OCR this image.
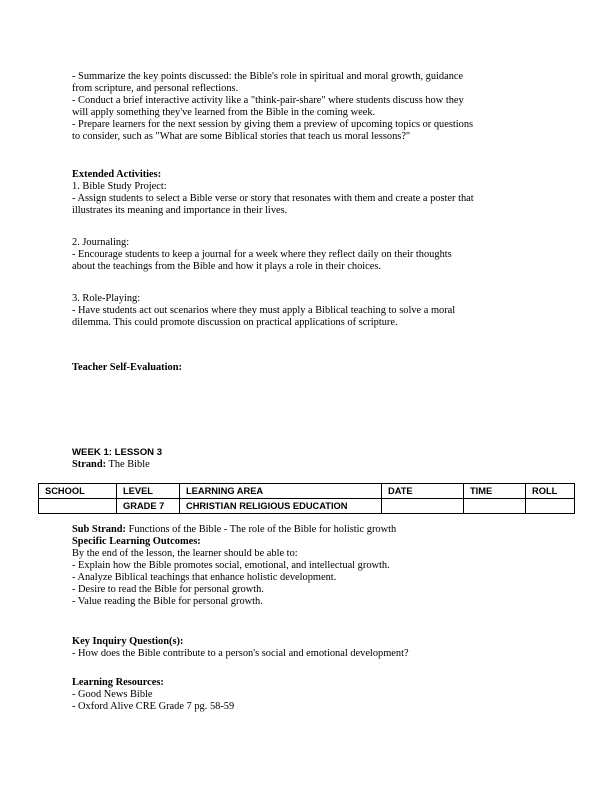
- Summarize the key points discussed: the Bible's role in spiritual and moral growth, guidance

from scripture, and personal reflections.

- Conduct a brief interactive activity like a "think-pair-share" where students discuss how they

will apply something they've learned from the Bible in the coming week.

- Prepare learners for the next session by giving them a preview of upcoming topics or questions

to consider, such as "What are some Biblical stories that teach us moral lessons?"

Extended Activities:

1. Bible Study Project:

- Assign students to select a Bible verse or story that resonates with them and create a poster that

illustrates its meaning and importance in their lives.

2. Journaling:

- Encourage students to keep a journal for a week where they reflect daily on their thoughts

about the teachings from the Bible and how it plays a role in their choices.

3. Role-Playing:

- Have students act out scenarios where they must apply a Biblical teaching to solve a moral

dilemma. This could promote discussion on practical applications of scripture.

Teacher Self-Evaluation:

WEEK 1: LESSON 3

Strand: The Bible

SCHOOL	LEVEL	LEARNING AREA	DATE	TIME	ROLL
	GRADE 7	CHRISTIAN RELIGIOUS EDUCATION			

Sub Strand: Functions of the Bible - The role of the Bible for holistic growth

Specific Learning Outcomes:

By the end of the lesson, the learner should be able to:

- Explain how the Bible promotes social, emotional, and intellectual growth.

- Analyze Biblical teachings that enhance holistic development.

- Desire to read the Bible for personal growth.

- Value reading the Bible for personal growth.

Key Inquiry Question(s):

- How does the Bible contribute to a person's social and emotional development?

Learning Resources:

- Good News Bible

- Oxford Alive CRE Grade 7 pg. 58-59
